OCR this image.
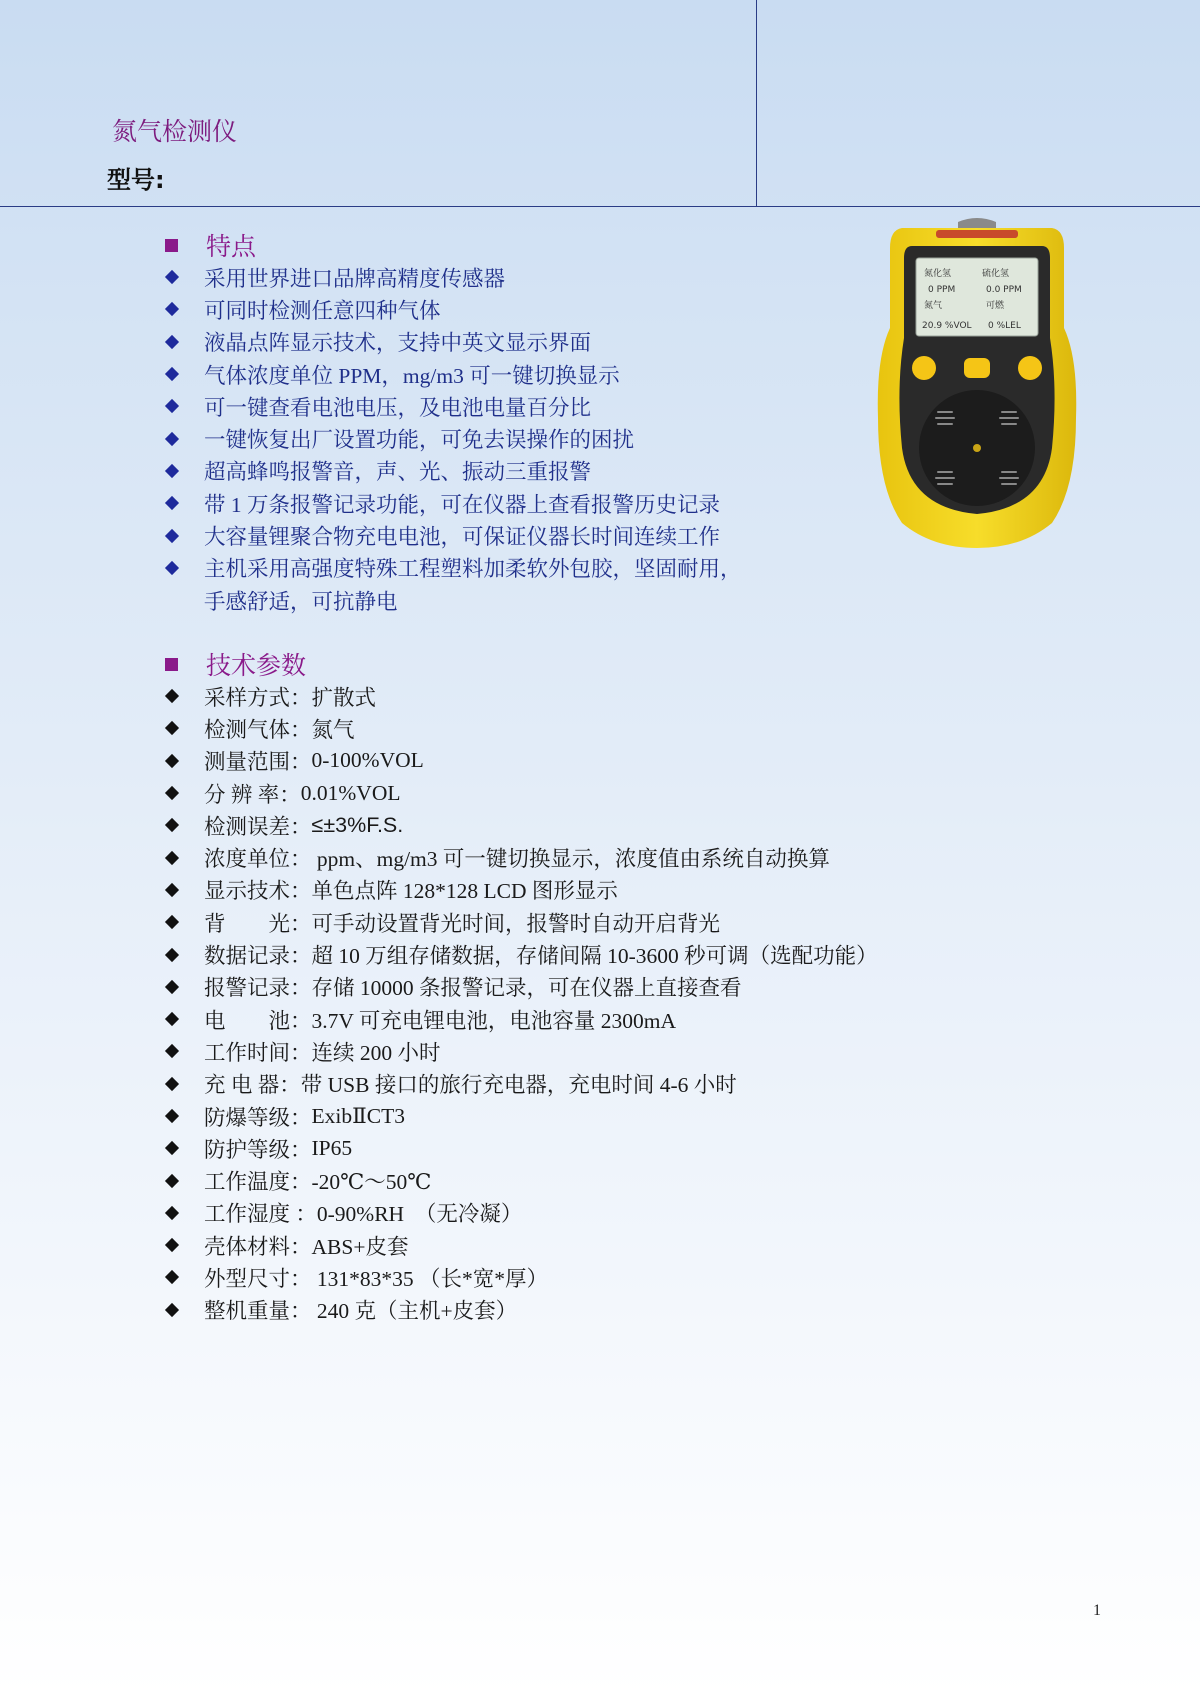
氮气检测仪
型号:
特点
采用世界进口品牌高精度传感器
可同时检测任意四种气体
液晶点阵显示技术，支持中英文显示界面
气体浓度单位 PPM，mg/m3 可一键切换显示
可一键查看电池电压，及电池电量百分比
一键恢复出厂设置功能，可免去误操作的困扰
超高蜂鸣报警音，声、光、振动三重报警
带 1 万条报警记录功能，可在仪器上查看报警历史记录
大容量锂聚合物充电电池，可保证仪器长时间连续工作
主机采用高强度特殊工程塑料加柔软外包胶，坚固耐用，
手感舒适，可抗静电
技术参数
采样方式： 扩散式
检测气体： 氮气
测量范围： 0-100%VOL
分 辨 率： 0.01%VOL
检测误差： ≤±3%F.S.
浓度单位： ppm、mg/m3 可一键切换显示，浓度值由系统自动换算
显示技术： 单色点阵 128*128 LCD 图形显示
背　　光： 可手动设置背光时间，报警时自动开启背光
数据记录： 超 10 万组存储数据，存储间隔 10-3600 秒可调（选配功能）
报警记录： 存储 10000 条报警记录，可在仪器上直接查看
电　　池： 3.7V 可充电锂电池，电池容量 2300mA
工作时间： 连续 200 小时
充 电 器： 带 USB 接口的旅行充电器，充电时间 4-6 小时
防爆等级： ExibⅡCT3
防护等级： IP65
工作温度： -20℃～50℃
工作湿度 ： 0-90%RH　（无冷凝）
壳体材料： ABS+皮套
外型尺寸： 131*83*35 （长*宽*厚）
整机重量： 240 克（主机+皮套）
氮化氢	硫化氢
0 PPM	0.0 PPM
氮气	可燃
20.9 %VOL 0 %LEL
1
